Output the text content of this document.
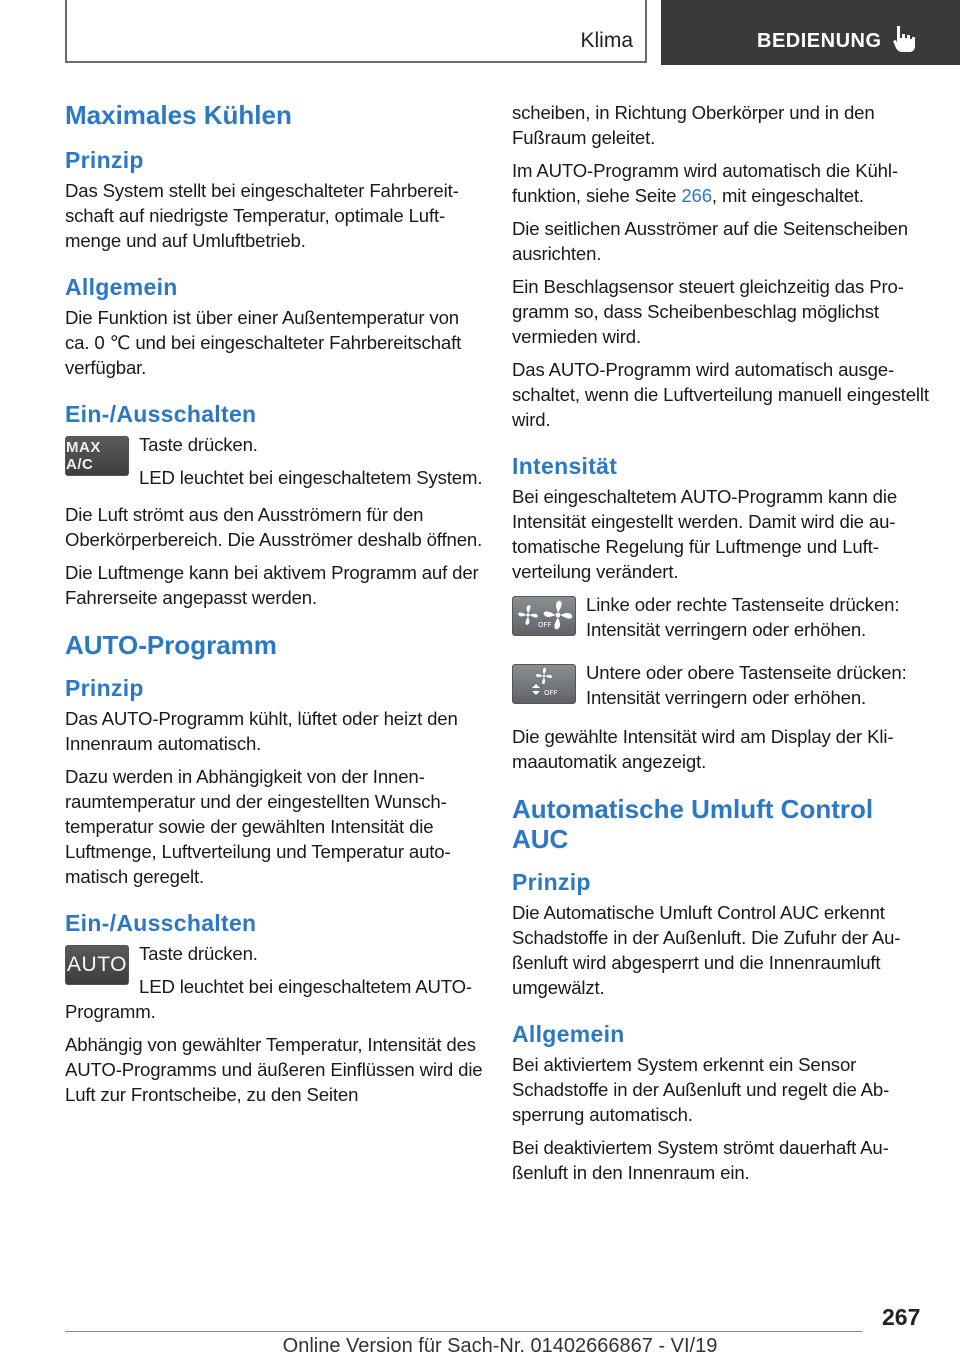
Klima	BEDIENUNG
Maximales Kühlen
Prinzip

Das System stellt bei eingeschalteter Fahrbereitschaft auf niedrigste Temperatur, optimale Luftmenge und auf Umluftbetrieb.

Allgemein

Die Funktion ist über einer Außentemperatur von ca. 0 ℃ und bei eingeschalteter Fahrbereitschaft verfügbar.

Ein-/Ausschalten
MAX A/C

Taste drücken.

LED leuchtet bei eingeschaltetem System.

Die Luft strömt aus den Ausströmern für den Oberkörperbereich. Die Ausströmer deshalb öffnen.

Die Luftmenge kann bei aktivem Programm auf der Fahrerseite angepasst werden.

AUTO-Programm
Prinzip

Das AUTO-Programm kühlt, lüftet oder heizt den Innenraum automatisch.

Dazu werden in Abhängigkeit von der Innenraumtemperatur und der eingestellten Wunschtemperatur sowie der gewählten Intensität die Luftmenge, Luftverteilung und Temperatur automatisch geregelt.

Ein-/Ausschalten
AUTO Taste drücken.

LED leuchtet bei eingeschaltetem AUTO-Programm.

Abhängig von gewählter Temperatur, Intensität des AUTO-Programms und äußeren Einflüssen wird die Luft zur Frontscheibe, zu den Seiten

scheiben, in Richtung Oberkörper und in den Fußraum geleitet.

Im AUTO-Programm wird automatisch die Kühlfunktion, siehe Seite 266, mit eingeschaltet.

Die seitlichen Ausströmer auf die Seitenscheiben ausrichten.

Ein Beschlagsensor steuert gleichzeitig das Programm so, dass Scheibenbeschlag möglichst vermieden wird.

Das AUTO-Programm wird automatisch ausgeschaltet, wenn die Luftverteilung manuell eingestellt wird.

Intensität

Bei eingeschaltetem AUTO-Programm kann die Intensität eingestellt werden. Damit wird die automatische Regelung für Luftmenge und Luftverteilung verändert.

OFF

Linke oder rechte Tastenseite drücken: Intensität verringern oder erhöhen.

OFF

Untere oder obere Tastenseite drücken: Intensität verringern oder erhöhen.

Die gewählte Intensität wird am Display der Klimaautomatik angezeigt.

Automatische Umluft Control AUC
Prinzip

Die Automatische Umluft Control AUC erkennt Schadstoffe in der Außenluft. Die Zufuhr der Außenluft wird abgesperrt und die Innenraumluft umgewälzt.

Allgemein

Bei aktiviertem System erkennt ein Sensor Schadstoffe in der Außenluft und regelt die Absperrung automatisch.

Bei deaktiviertem System strömt dauerhaft Außenluft in den Innenraum ein.

267
Online Version für Sach-Nr. 01402666867 - VI/19
